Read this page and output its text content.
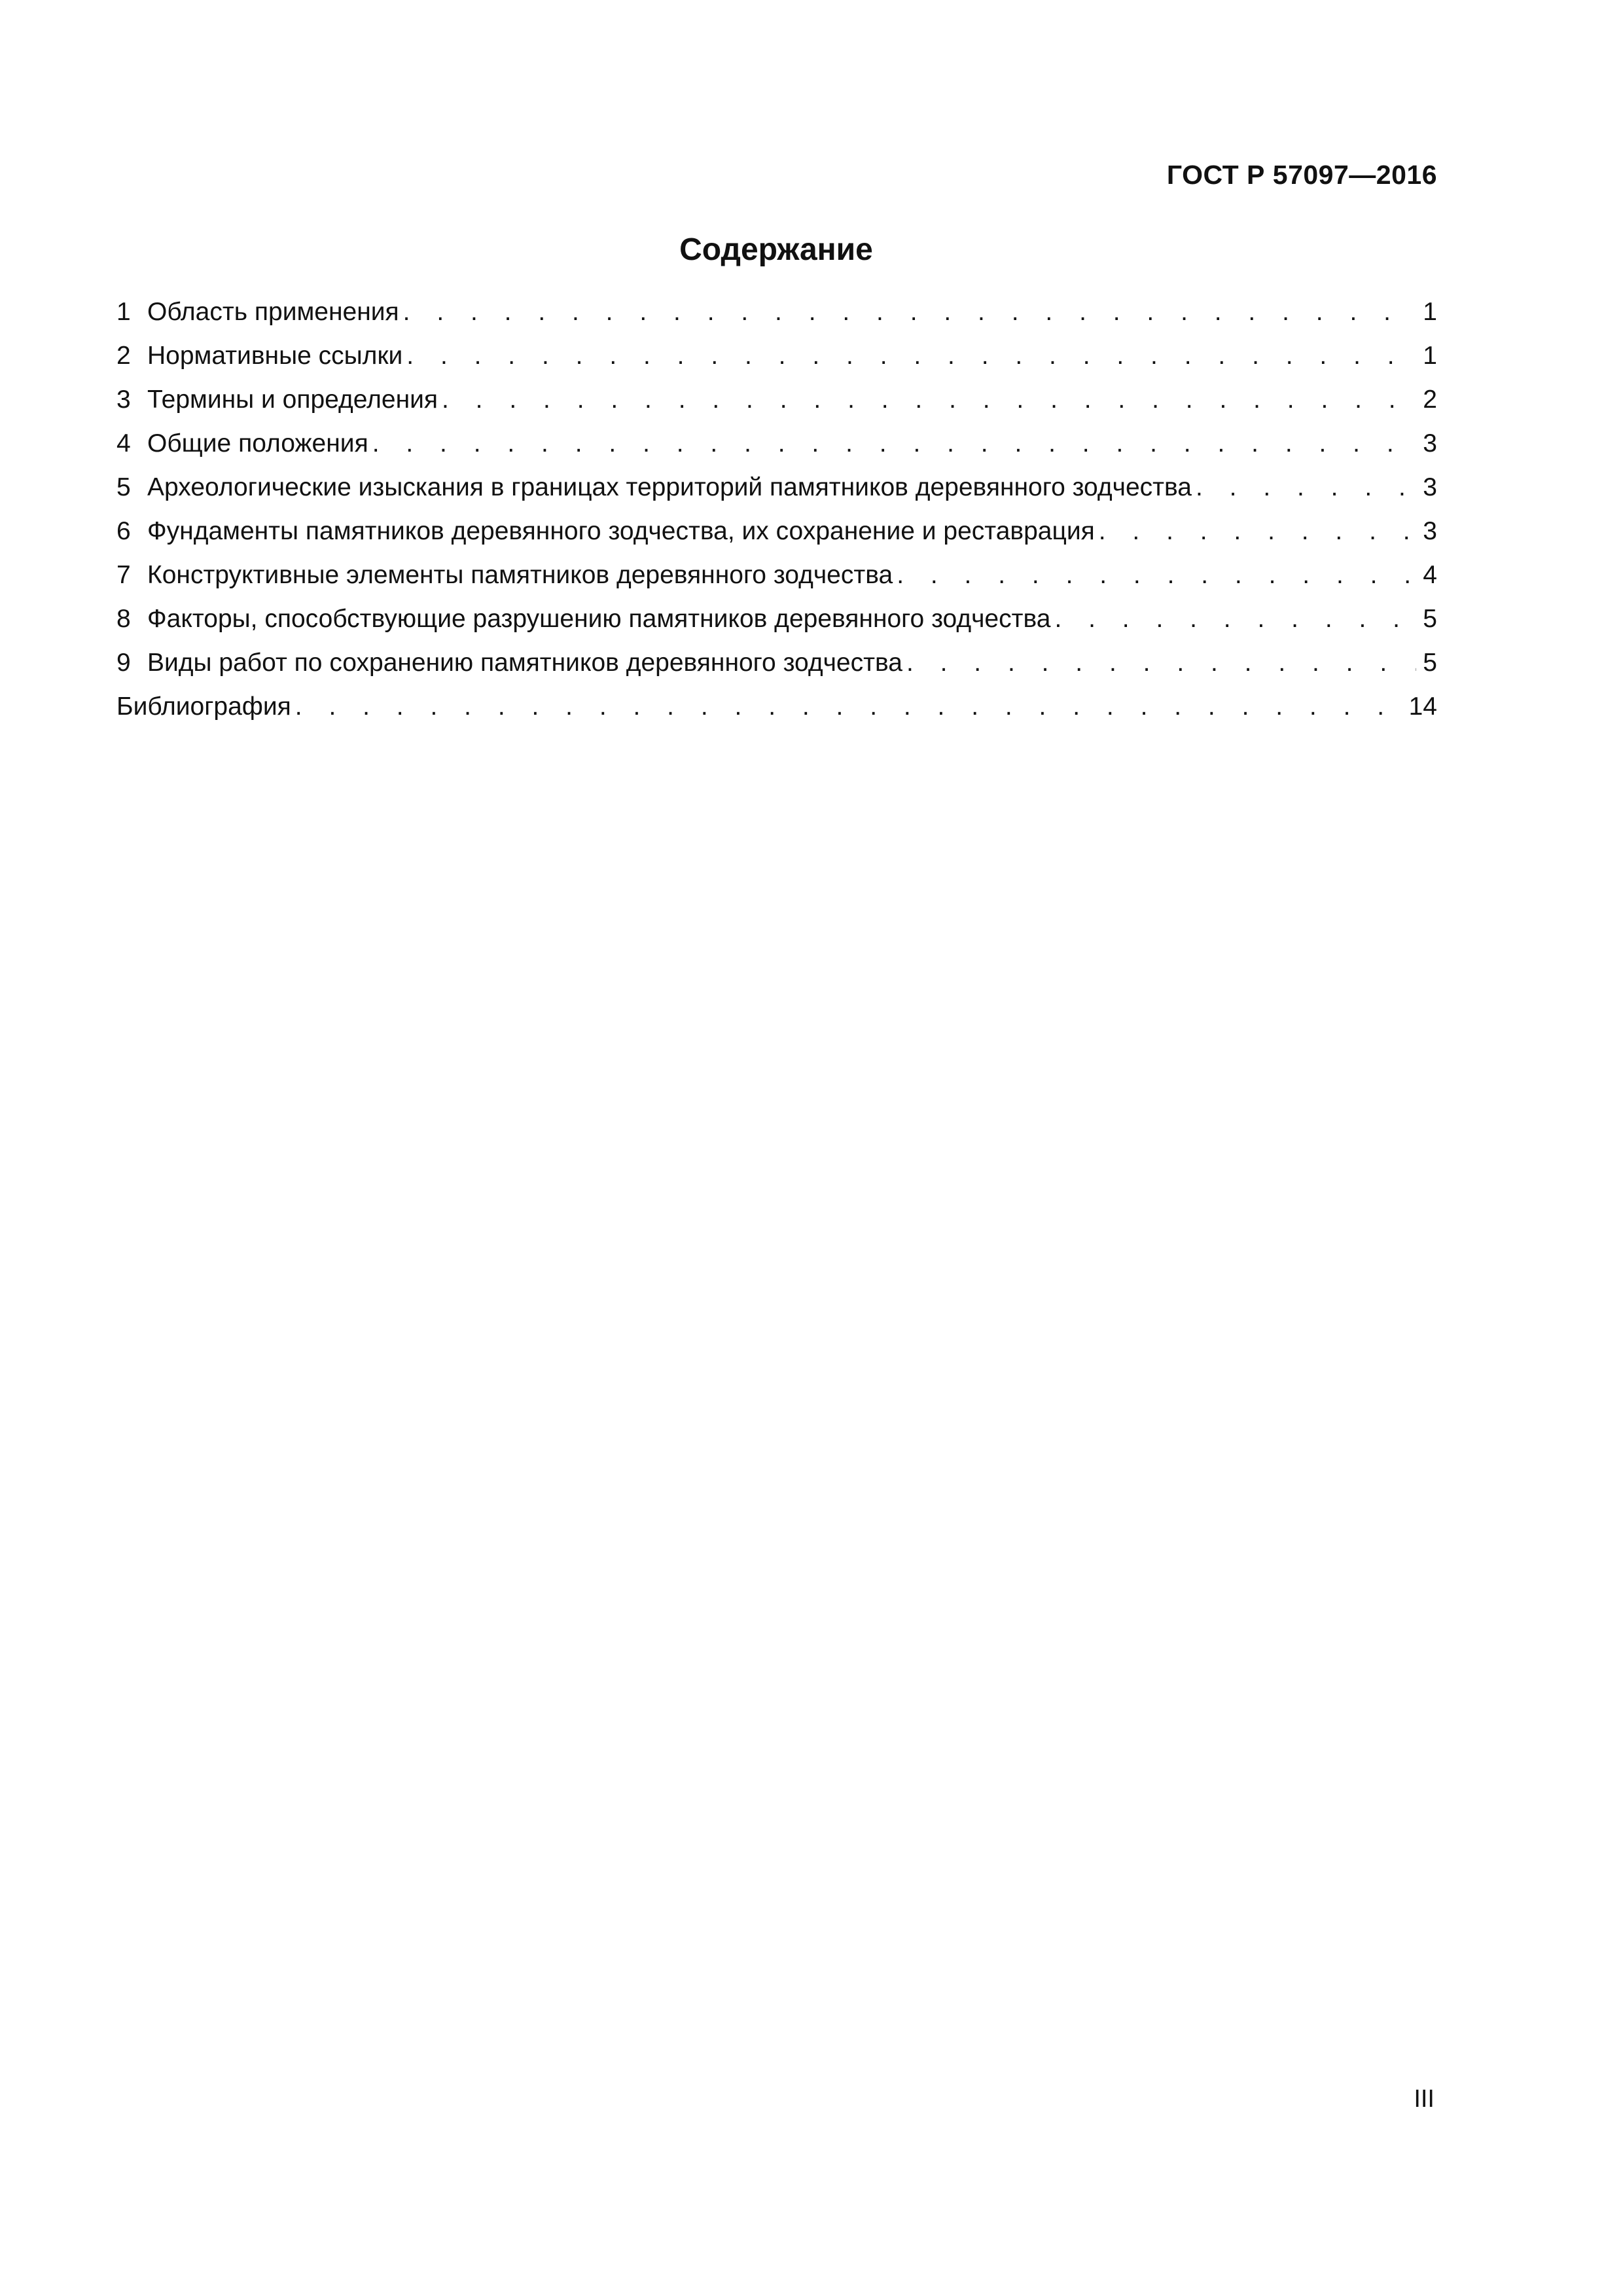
ГОСТ Р 57097—2016
Содержание
1 Область применения . . .	1
2 Нормативные ссылки . . .	1
3 Термины и определения . . .	2
4 Общие положения . . .	3
5 Археологические изыскания в границах территорий памятников деревянного зодчества . . .	3
6 Фундаменты памятников деревянного зодчества, их сохранение и реставрация . . .	3
7 Конструктивные элементы памятников деревянного зодчества . . .	4
8 Факторы, способствующие разрушению памятников деревянного зодчества . . .	5
9 Виды работ по сохранению памятников деревянного зодчества . . .	5
Библиография . . .	14
III
